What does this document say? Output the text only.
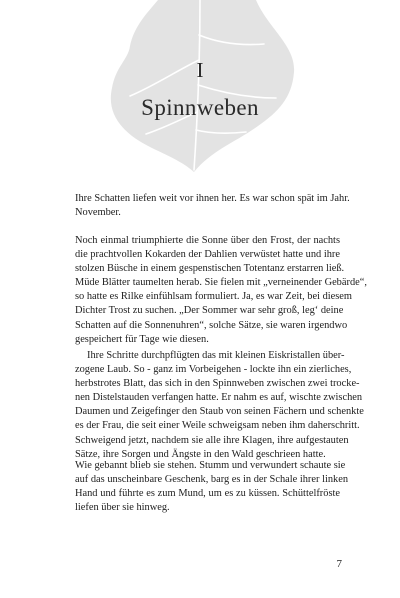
I
Spinnweben
Ihre Schatten liefen weit vor ihnen her. Es war schon spät im Jahr.
November.
Noch einmal triumphierte die Sonne über den Frost, der nachts
die prachtvollen Kokarden der Dahlien verwüstet hatte und ihre
stolzen Büsche in einem gespenstischen Totentanz erstarren ließ.
Müde Blätter taumelten herab. Sie fielen mit „verneinender Gebärde“,
so hatte es Rilke einfühlsam formuliert. Ja, es war Zeit, bei diesem
Dichter Trost zu suchen. „Der Sommer war sehr groß, leg‘ deine
Schatten auf die Sonnenuhren“, solche Sätze, sie waren irgendwo
gespeichert für Tage wie diesen.
Ihre Schritte durchpflügten das mit kleinen Eiskristallen über-
zogene Laub. So - ganz im Vorbeigehen - lockte ihn ein zierliches,
herbstrotes Blatt, das sich in den Spinnweben zwischen zwei trocke-
nen Distelstauden verfangen hatte. Er nahm es auf, wischte zwischen
Daumen und Zeigefinger den Staub von seinen Fächern und schenkte
es der Frau, die seit einer Weile schweigsam neben ihm daherschritt.
Schweigend jetzt, nachdem sie alle ihre Klagen, ihre aufgestauten
Sätze, ihre Sorgen und Ängste in den Wald geschrieen hatte.
Wie gebannt blieb sie stehen. Stumm und verwundert schaute sie
auf das unscheinbare Geschenk, barg es in der Schale ihrer linken
Hand und führte es zum Mund, um es zu küssen. Schüttelfröste
liefen über sie hinweg.
7
